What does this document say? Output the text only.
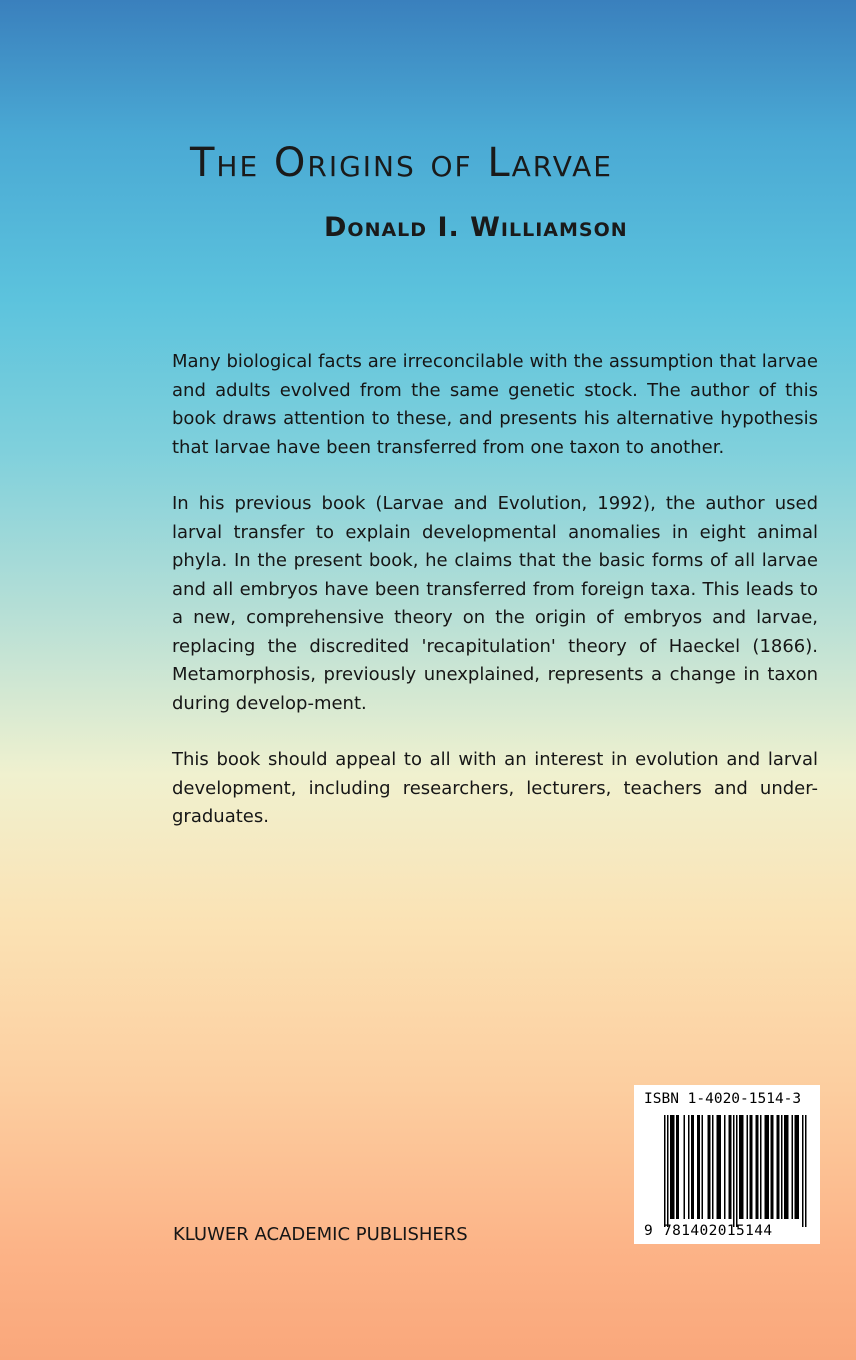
The Origins of Larvae
Donald I. Williamson

Many biological facts are irreconcilable with the assumption that larvae and adults evolved from the same genetic stock. The author of this book draws attention to these, and presents his alternative hypothesis that larvae have been transferred from one taxon to another.

In his previous book (Larvae and Evolution, 1992), the author used larval transfer to explain developmental anomalies in eight animal phyla. In the present book, he claims that the basic forms of all larvae and all embryos have been transferred from foreign taxa. This leads to a new, comprehensive theory on the origin of embryos and larvae, replacing the discredited 'recapitulation' theory of Haeckel (1866). Metamorphosis, previously unexplained, represents a change in taxon during develop-ment.

This book should appeal to all with an interest in evolution and larval development, including researchers, lecturers, teachers and under-graduates.

KLUWER ACADEMIC PUBLISHERS
ISBN 1-4020-1514-3
9 781402015144
